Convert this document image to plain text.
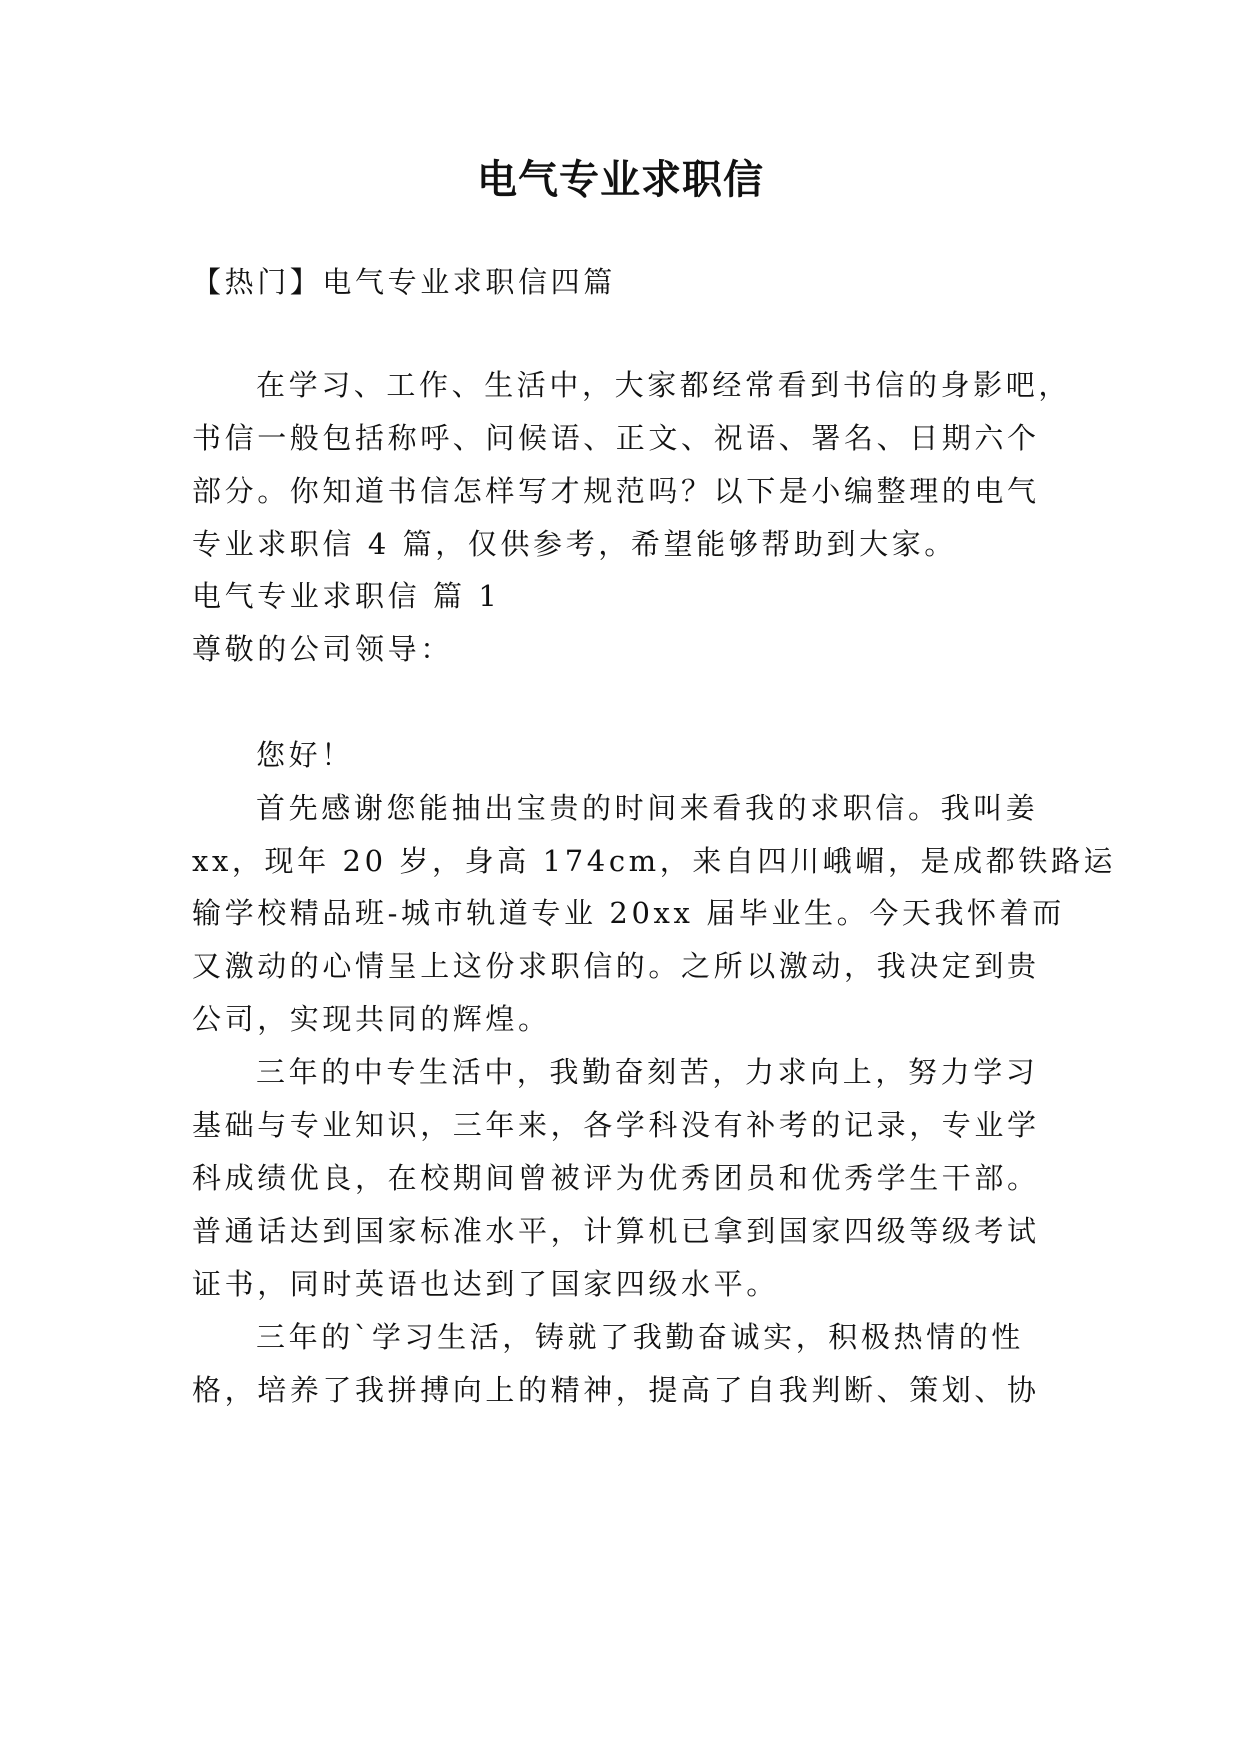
电气专业求职信

【热门】电气专业求职信四篇

在学习、工作、生活中，大家都经常看到书信的身影吧，

书信一般包括称呼、问候语、正文、祝语、署名、日期六个

部分。你知道书信怎样写才规范吗？以下是小编整理的电气

专业求职信 4 篇，仅供参考，希望能够帮助到大家。

电气专业求职信 篇 1

尊敬的公司领导：

您好！

首先感谢您能抽出宝贵的时间来看我的求职信。我叫姜

xx，现年 20 岁，身高 174cm，来自四川峨嵋，是成都铁路运

输学校精品班-城市轨道专业 20xx 届毕业生。今天我怀着而

又激动的心情呈上这份求职信的。之所以激动，我决定到贵

公司，实现共同的辉煌。

三年的中专生活中，我勤奋刻苦，力求向上，努力学习

基础与专业知识，三年来，各学科没有补考的记录，专业学

科成绩优良，在校期间曾被评为优秀团员和优秀学生干部。

普通话达到国家标准水平，计算机已拿到国家四级等级考试

证书，同时英语也达到了国家四级水平。

三年的`学习生活，铸就了我勤奋诚实，积极热情的性

格，培养了我拼搏向上的精神，提高了自我判断、策划、协
